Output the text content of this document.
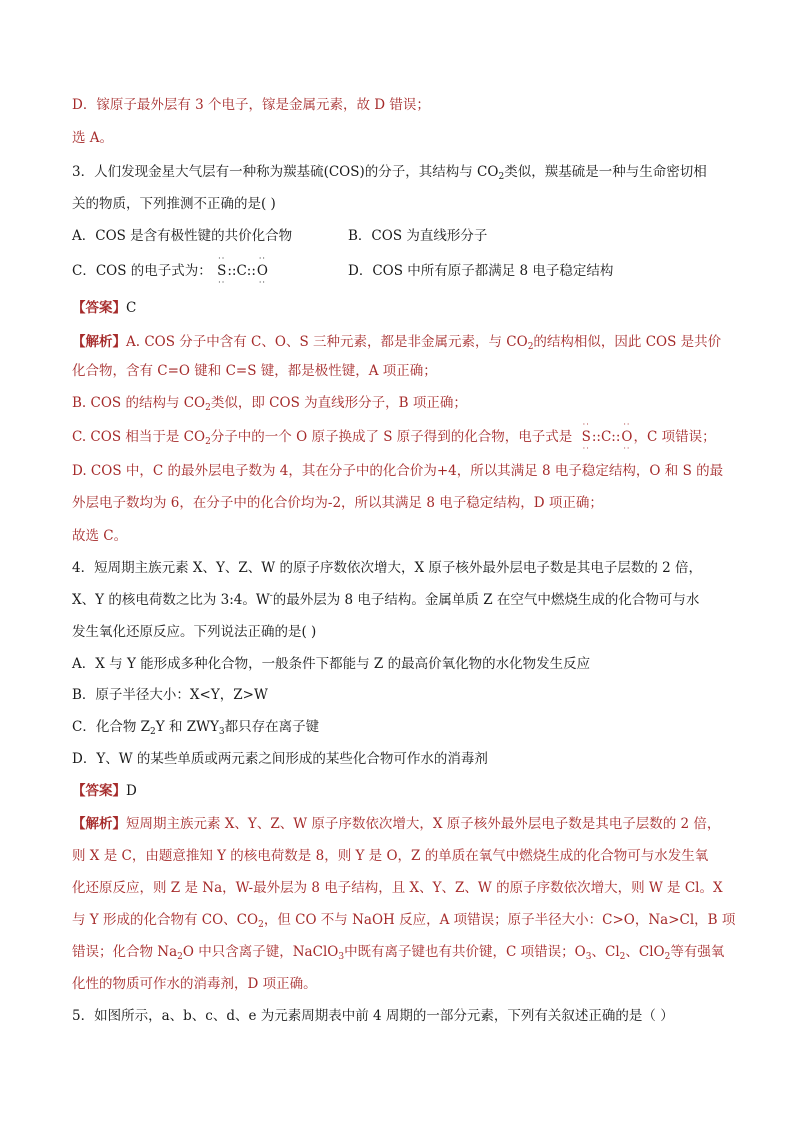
D．镓原子最外层有 3 个电子，镓是金属元素，故 D 错误；
选 A。
3．人们发现金星大气层有一种称为羰基硫(COS)的分子，其结构与 $CO_2$类似，羰基硫是一种与生命密切相
关的物质，下列推测不正确的是( )
A．COS 是含有极性键的共价化合物	B．COS 为直线形分子
C．COS 的电子式为：
··
S
··
::C::
··
O
··
D．COS 中所有原子都满足 8 电子稳定结构
【答案】C
【解析】A. COS 分子中含有 C、O、S 三种元素，都是非金属元素，与 $CO_2$的结构相似，因此 COS 是共价
化合物，含有 C=O 键和 C=S 键，都是极性键，A 项正确；
B. COS 的结构与 $CO_2$类似，即 COS 为直线形分子，B 项正确；
C. COS 相当于是 $CO_2$分子中的一个 O 原子换成了 S 原子得到的化合物，电子式是
··
S
··
::C::
··
O
··
，C 项错误；
D. COS 中，C 的最外层电子数为 4，其在分子中的化合价为+4，所以其满足 8 电子稳定结构，O 和 S 的最
外层电子数均为 6，在分子中的化合价均为-2，所以其满足 8 电子稳定结构，D 项正确；
故选 C。
4．短周期主族元素 X、Y、Z、W 的原子序数依次增大，X 原子核外最外层电子数是其电子层数的 2 倍，
X、Y 的核电荷数之比为 3:4。W-的最外层为 8 电子结构。金属单质 Z 在空气中燃烧生成的化合物可与水
发生氧化还原反应。下列说法正确的是( )
A．X 与 Y 能形成多种化合物，一般条件下都能与 Z 的最高价氧化物的水化物发生反应
B．原子半径大小：X<Y，Z>W
C．化合物 $Z_2Y$ 和 $ZWY_3$都只存在离子键
D．Y、W 的某些单质或两元素之间形成的某些化合物可作水的消毒剂
【答案】D
【解析】短周期主族元素 X、Y、Z、W 原子序数依次增大，X 原子核外最外层电子数是其电子层数的 2 倍，
则 X 是 C，由题意推知 Y 的核电荷数是 8，则 Y 是 O，Z 的单质在氧气中燃烧生成的化合物可与水发生氧
化还原反应，则 Z 是 Na，W-最外层为 8 电子结构，且 X、Y、Z、W 的原子序数依次增大，则 W 是 Cl。X
与 Y 形成的化合物有 CO、$CO_2$，但 CO 不与 NaOH 反应，A 项错误；原子半径大小：C>O，Na>Cl，B 项
错误；化合物 $Na_2O$ 中只含离子键，NaClO$_3$中既有离子键也有共价键，C 项错误；$O_3$、$Cl_2$、ClO$_2$等有强氧
化性的物质可作水的消毒剂，D 项正确。
5．如图所示，a、b、c、d、e 为元素周期表中前 4 周期的一部分元素，下列有关叙述正确的是（ ）
